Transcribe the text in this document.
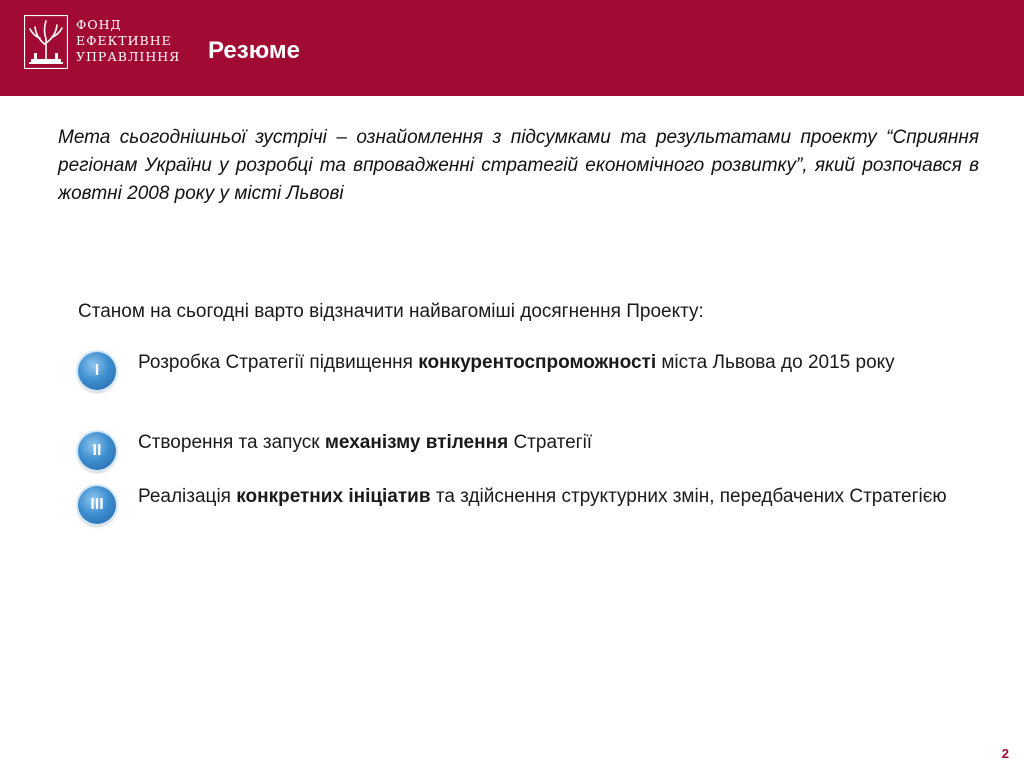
ФОНД
ЕФЕКТИВНЕ
УПРАВЛІННЯ Резюме

Мета сьогоднішньої зустрічі – ознайомлення з підсумками та результатами проекту “Сприяння регіонам України у розробці та впровадженні стратегій економічного розвитку”, який розпочався в жовтні 2008 року у місті Львові

Станом на сьогодні варто відзначити найвагоміші досягнення Проекту:

I	Розробка Стратегії підвищення конкурентоспроможності міста Львова до 2015 року

II	Створення та запуск механізму втілення Стратегії

III	Реалізація конкретних ініціатив та здійснення структурних змін, передбачених Стратегією

2
